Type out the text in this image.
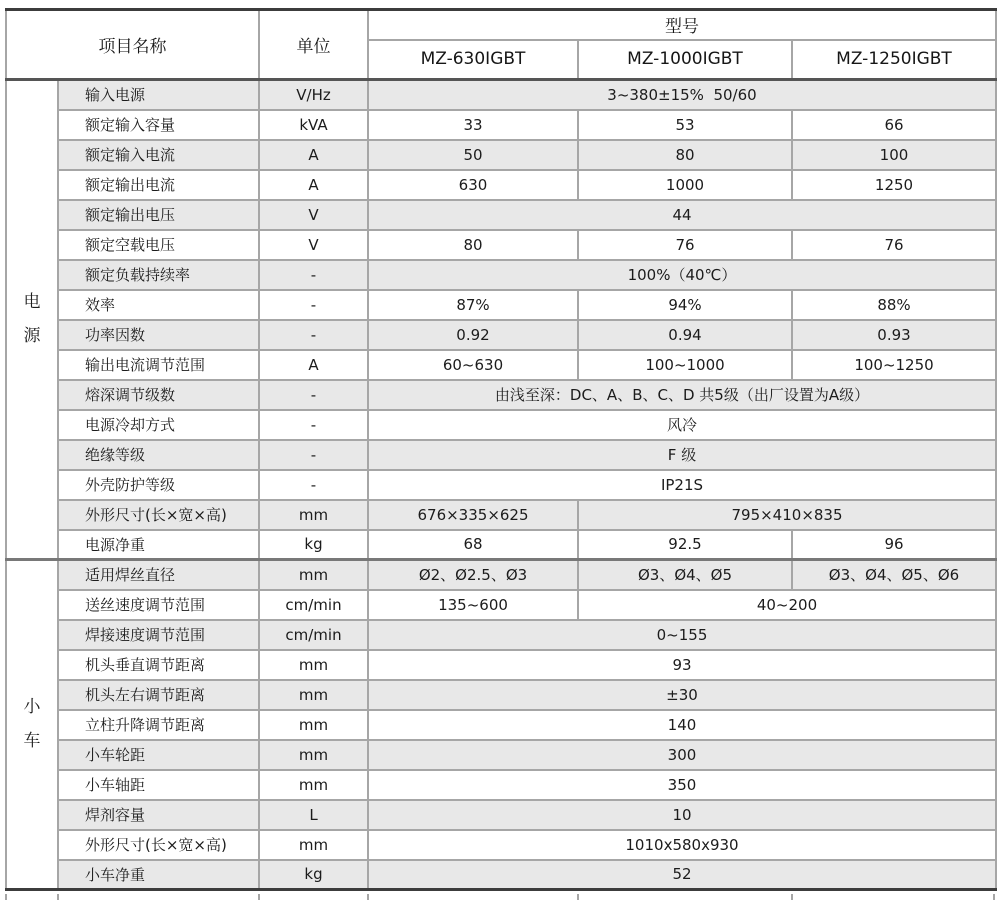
项目名称		单位	型号		
			MZ-630IGBT	MZ-1000IGBT	MZ-1250IGBT

电
源	输入电源	V/Hz	3~380±15%  50/60		
	额定输入容量	kVA	33	53	66
	额定输入电流	A	50	80	100
	额定输出电流	A	630	1000	1250
	额定输出电压	V	44		
	额定空载电压	V	80	76	76
	额定负载持续率	-	100%（40℃）		
	效率	-	87%	94%	88%
	功率因数	-	0.92	0.94	0.93
	输出电流调节范围	A	60~630	100~1000	100~1250
	熔深调节级数	-	由浅至深：DC、A、B、C、D 共5级（出厂设置为A级）		
	电源冷却方式	-	风冷		
	绝缘等级	-	F 级		
	外壳防护等级	-	IP21S		
	外形尺寸(长×宽×高)	mm	676×335×625	795×410×835	
	电源净重	kg	68	92.5	96

小
车	适用焊丝直径	mm	Ø2、Ø2.5、Ø3	Ø3、Ø4、Ø5	Ø3、Ø4、Ø5、Ø6
	送丝速度调节范围	cm/min	135~600	40~200	
	焊接速度调节范围	cm/min	0~155		
	机头垂直调节距离	mm	93		
	机头左右调节距离	mm	±30		
	立柱升降调节距离	mm	140		
	小车轮距	mm	300		
	小车轴距	mm	350		
	焊剂容量	L	10		
	外形尺寸(长×宽×高)	mm	1010x580x930		
	小车净重	kg	52		
